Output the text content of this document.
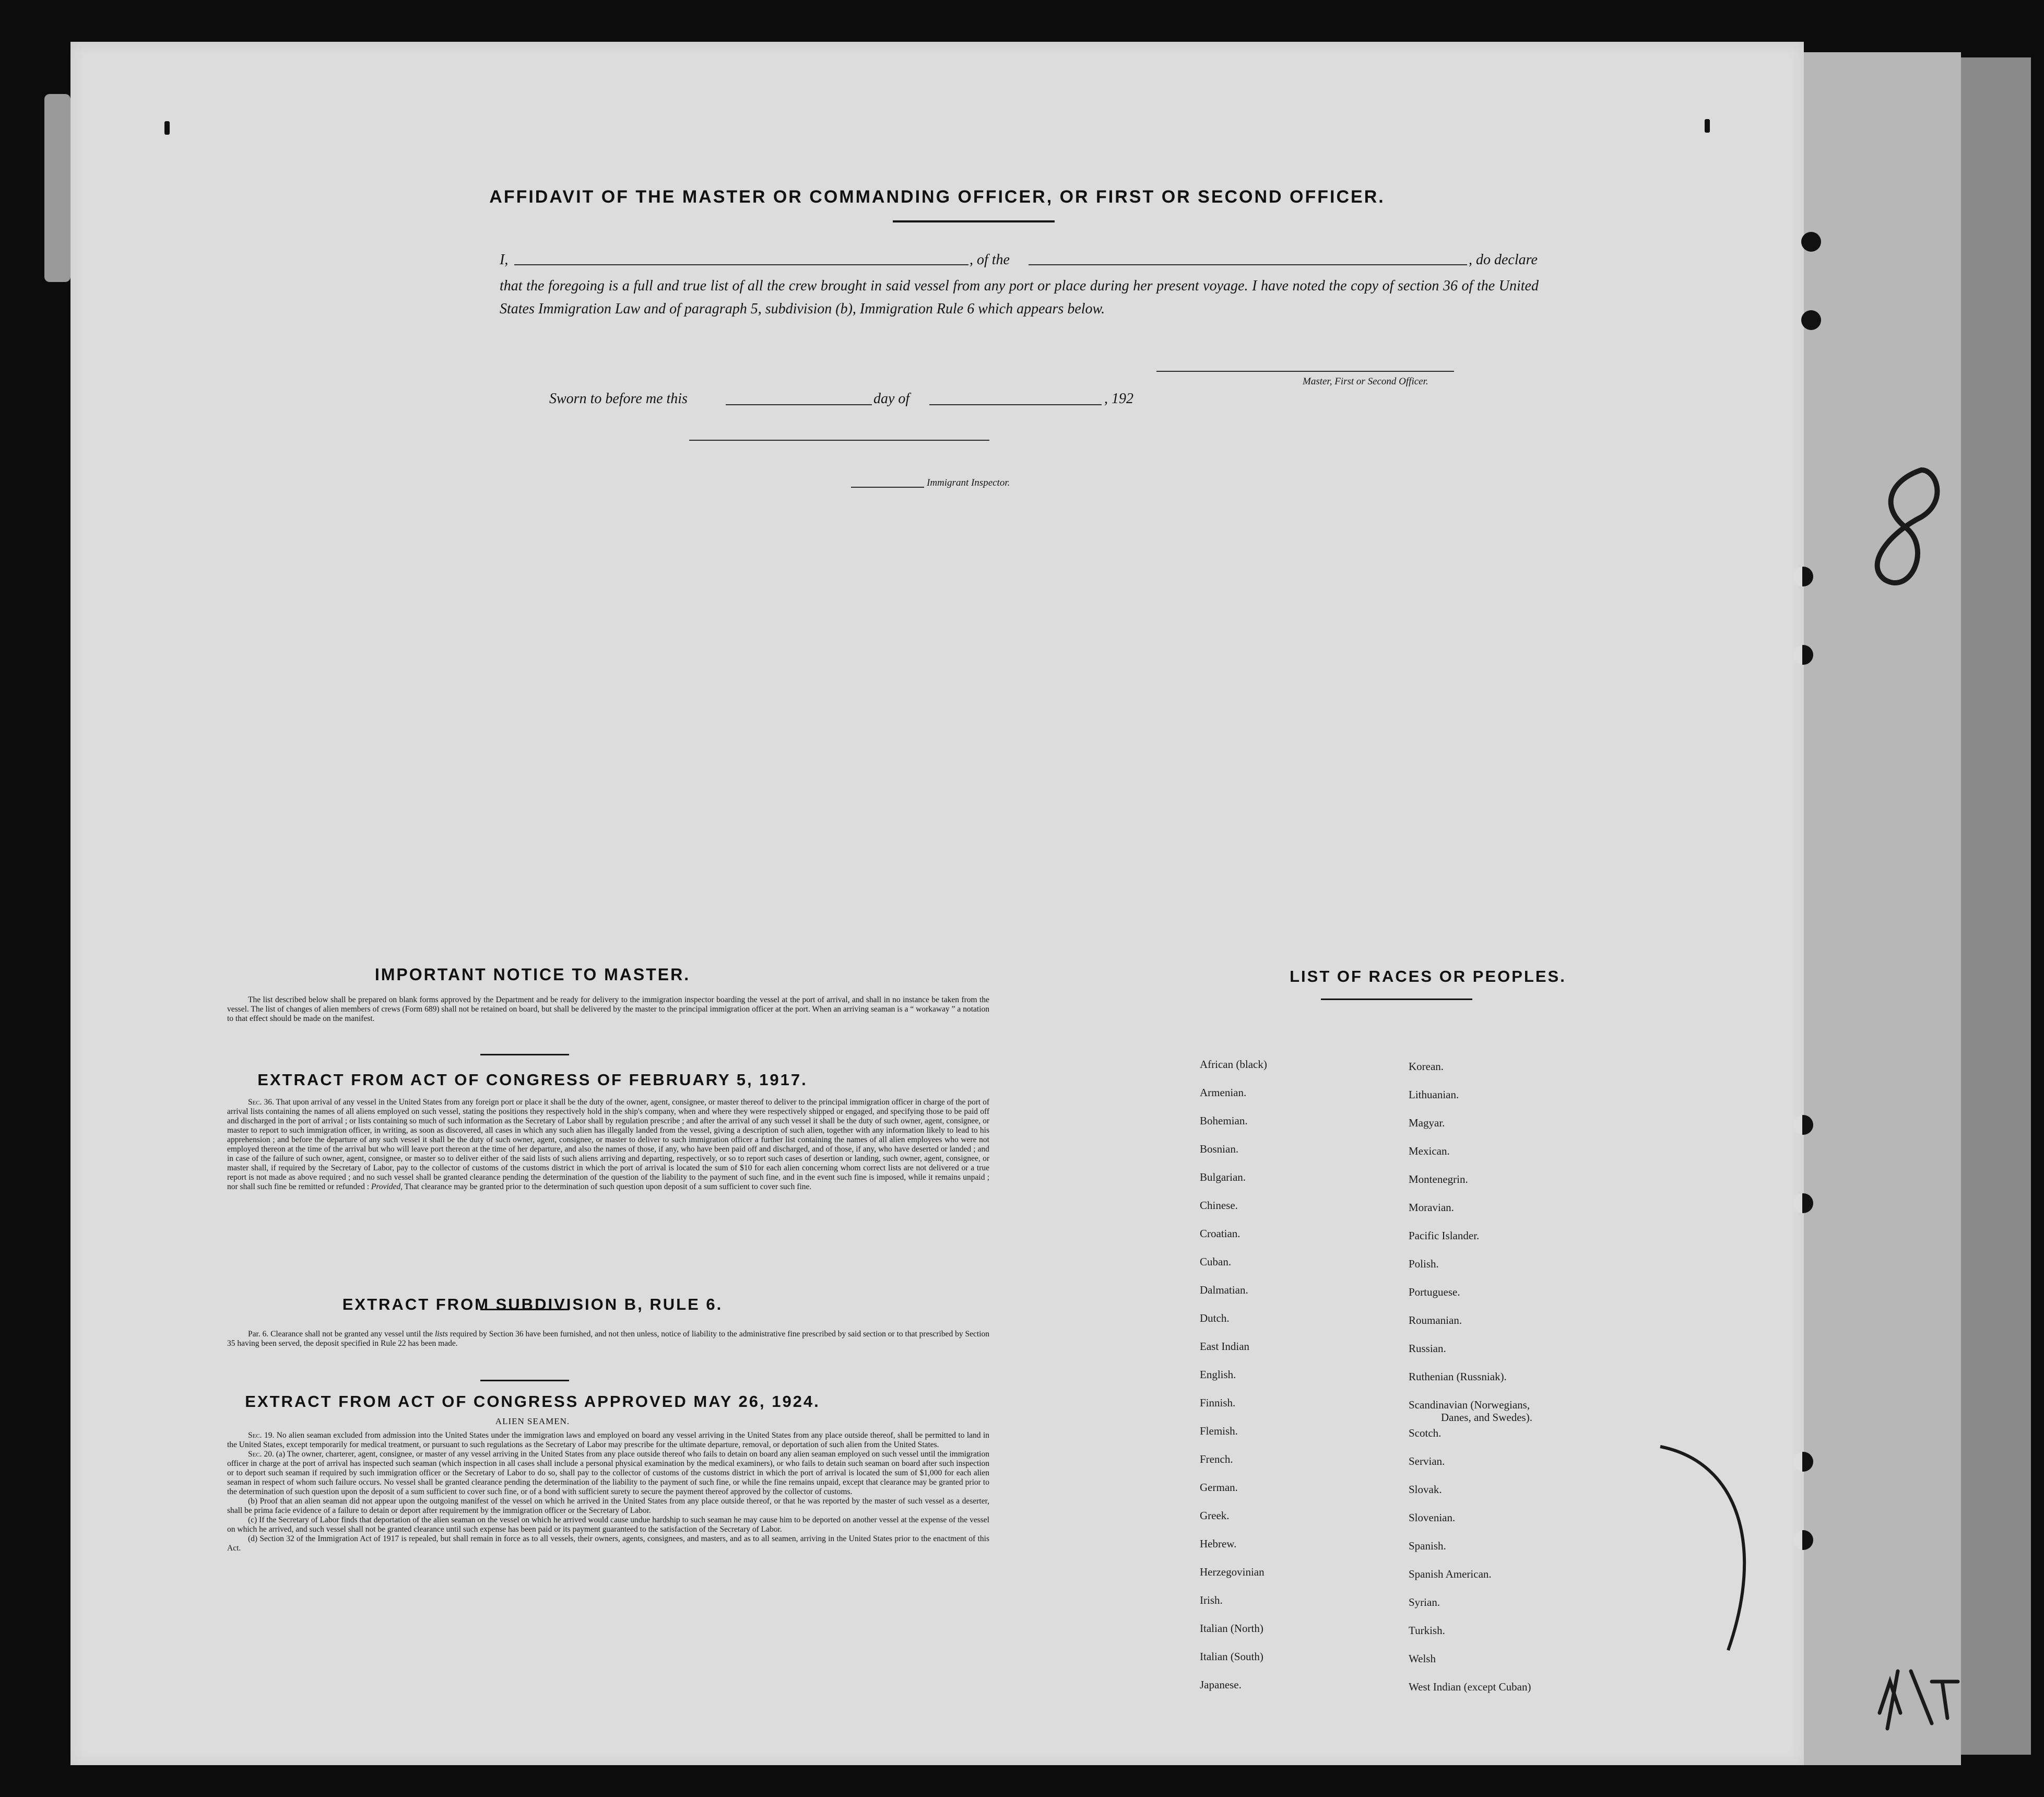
AFFIDAVIT OF THE MASTER OR COMMANDING OFFICER, OR FIRST OR SECOND OFFICER.
I,	, of the	, do declare
that the foregoing is a full and true list of all the crew brought in said vessel from any port or place during her present voyage. I have noted the copy of section 36 of the United States Immigration Law and of paragraph 5, subdivision (b), Immigration Rule 6 which appears below.
Master, First or Second Officer.
Sworn to before me this	day of	, 192
Immigrant Inspector.
IMPORTANT NOTICE TO MASTER.
The list described below shall be prepared on blank forms approved by the Department and be ready for delivery to the immigration inspector boarding the vessel at the port of arrival, and shall in no instance be taken from the vessel. The list of changes of alien members of crews (Form 689) shall not be retained on board, but shall be delivered by the master to the principal immigration officer at the port. When an arriving seaman is a “ workaway ” a notation to that effect should be made on the manifest.
EXTRACT FROM ACT OF CONGRESS OF FEBRUARY 5, 1917.

Sec. 36. That upon arrival of any vessel in the United States from any foreign port or place it shall be the duty of the owner, agent, consignee, or master thereof to deliver to the principal immigration officer in charge of the port of arrival lists containing the names of all aliens employed on such vessel, stating the positions they respectively hold in the ship's company, when and where they were respectively shipped or engaged, and specifying those to be paid off and discharged in the port of arrival ; or lists containing so much of such information as the Secretary of Labor shall by regulation prescribe ; and after the arrival of any such vessel it shall be the duty of such owner, agent, consignee, or master to report to such immigration officer, in writing, as soon as discovered, all cases in which any such alien has illegally landed from the vessel, giving a description of such alien, together with any information likely to lead to his apprehension ; and before the departure of any such vessel it shall be the duty of such owner, agent, consignee, or master to deliver to such immigration officer a further list containing the names of all alien employees who were not employed thereon at the time of the arrival but who will leave port thereon at the time of her departure, and also the names of those, if any, who have been paid off and discharged, and of those, if any, who have deserted or landed ; and in case of the failure of such owner, agent, consignee, or master so to deliver either of the said lists of such aliens arriving and departing, respectively, or so to report such cases of desertion or landing, such owner, agent, consignee, or master shall, if required by the Secretary of Labor, pay to the collector of customs of the customs district in which the port of arrival is located the sum of $10 for each alien concerning whom correct lists are not delivered or a true report is not made as above required ; and no such vessel shall be granted clearance pending the determination of the question of the liability to the payment of such fine, and in the event such fine is imposed, while it remains unpaid ; nor shall such fine be remitted or refunded : Provided, That clearance may be granted prior to the determination of such question upon deposit of a sum sufficient to cover such fine.

EXTRACT FROM SUBDIVISION B, RULE 6.

Par. 6. Clearance shall not be granted any vessel until the lists required by Section 36 have been furnished, and not then unless, notice of liability to the administrative fine prescribed by said section or to that prescribed by Section 35 having been served, the deposit specified in Rule 22 has been made.

EXTRACT FROM ACT OF CONGRESS APPROVED MAY 26, 1924.
ALIEN SEAMEN.

Sec. 19. No alien seaman excluded from admission into the United States under the immigration laws and employed on board any vessel arriving in the United States from any place outside thereof, shall be permitted to land in the United States, except temporarily for medical treatment, or pursuant to such regulations as the Secretary of Labor may prescribe for the ultimate departure, removal, or deportation of such alien from the United States.

Sec. 20. (a) The owner, charterer, agent, consignee, or master of any vessel arriving in the United States from any place outside thereof who fails to detain on board any alien seaman employed on such vessel until the immigration officer in charge at the port of arrival has inspected such seaman (which inspection in all cases shall include a personal physical examination by the medical examiners), or who fails to detain such seaman on board after such inspection or to deport such seaman if required by such immigration officer or the Secretary of Labor to do so, shall pay to the collector of customs of the customs district in which the port of arrival is located the sum of $1,000 for each alien seaman in respect of whom such failure occurs. No vessel shall be granted clearance pending the determination of the liability to the payment of such fine, or while the fine remains unpaid, except that clearance may be granted prior to the determination of such question upon the deposit of a sum sufficient to cover such fine, or of a bond with sufficient surety to secure the payment thereof approved by the collector of customs.

(b) Proof that an alien seaman did not appear upon the outgoing manifest of the vessel on which he arrived in the United States from any place outside thereof, or that he was reported by the master of such vessel as a deserter, shall be prima facie evidence of a failure to detain or deport after requirement by the immigration officer or the Secretary of Labor.

(c) If the Secretary of Labor finds that deportation of the alien seaman on the vessel on which he arrived would cause undue hardship to such seaman he may cause him to be deported on another vessel at the expense of the vessel on which he arrived, and such vessel shall not be granted clearance until such expense has been paid or its payment guaranteed to the satisfaction of the Secretary of Labor.

(d) Section 32 of the Immigration Act of 1917 is repealed, but shall remain in force as to all vessels, their owners, agents, consignees, and masters, and as to all seamen, arriving in the United States prior to the enactment of this Act.

LIST OF RACES OR PEOPLES.
African (black)
Armenian.
Bohemian.
Bosnian.
Bulgarian.
Chinese.
Croatian.
Cuban.
Dalmatian.
Dutch.
East Indian
English.
Finnish.
Flemish.
French.
German.
Greek.
Hebrew.
Herzegovinian
Irish.
Italian (North)
Italian (South)
Japanese.
Korean.
Lithuanian.
Magyar.
Mexican.
Montenegrin.
Moravian.
Pacific Islander.
Polish.
Portuguese.
Roumanian.
Russian.
Ruthenian (Russniak).
Scandinavian (Norwegians,
Danes, and Swedes).
Scotch.
Servian.
Slovak.
Slovenian.
Spanish.
Spanish American.
Syrian.
Turkish.
Welsh
West Indian (except Cuban)
